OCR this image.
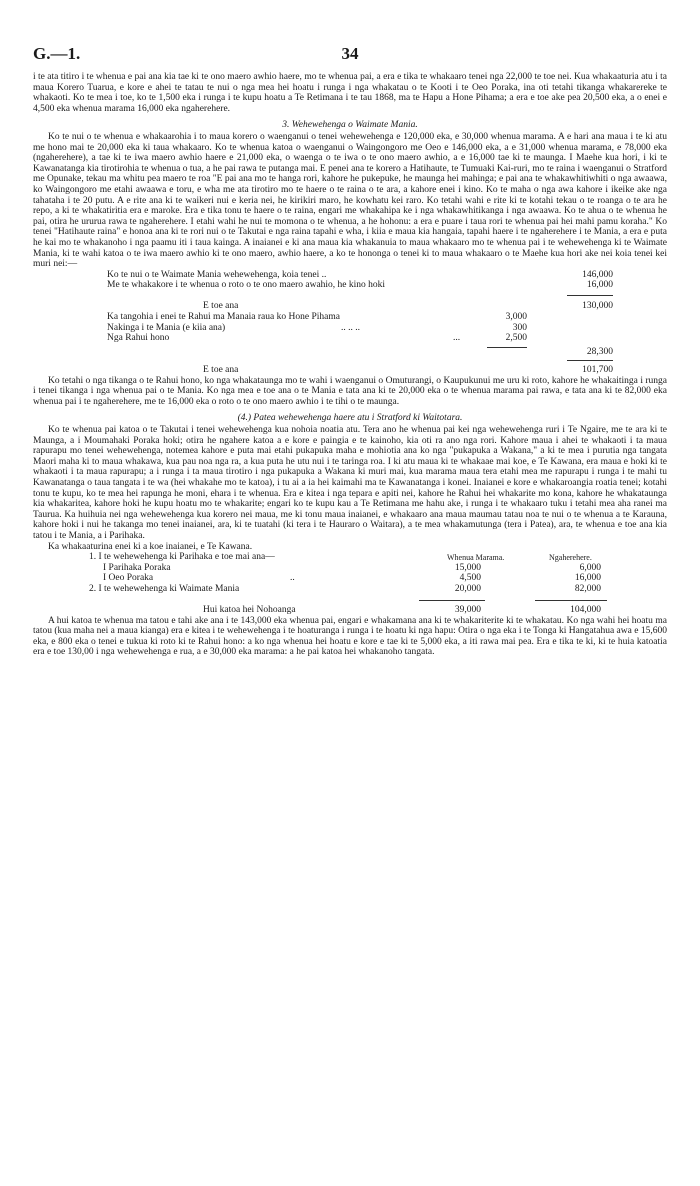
G.—1.	34

i te ata titiro i te whenua e pai ana kia tae ki te ono maero awhio haere, mo te whenua pai, a era e tika te whakaaro tenei nga 22,000 te toe nei. Kua whakaaturia atu i ta maua Korero Tuarua, e kore e ahei te tatau te nui o nga mea hei hoatu i runga i nga whakatau o te Kooti i te Oeo Poraka, ina oti tetahi tikanga whakarereke te whakaoti. Ko te mea i toe, ko te 1,500 eka i runga i te kupu hoatu a Te Retimana i te tau 1868, ma te Hapu a Hone Pihama; a era e toe ake pea 20,500 eka, a o enei e 4,500 eka whenua marama 16,000 eka ngaherehere.

3. Wehewehenga o Waimate Mania.

Ko te nui o te whenua e whakaarohia i to maua korero o waenganui o tenei wehewehenga e 120,000 eka, e 30,000 whenua marama. A e hari ana maua i te ki atu me hono mai te 20,000 eka ki taua whakaaro. Ko te whenua katoa o waenganui o Waingongoro me Oeo e 146,000 eka, a e 31,000 whenua marama, e 78,000 eka (ngaherehere), a tae ki te iwa maero awhio haere e 21,000 eka, o waenga o te iwa o te ono maero awhio, a e 16,000 tae ki te maunga. I Maehe kua hori, i ki te Kawanatanga kia tirotirohia te whenua o tua, a he pai rawa te putanga mai. E penei ana te korero a Hatihaute, te Tumuaki Kai-ruri, mo te raina i waenganui o Stratford me Opunake, tekau ma whitu pea maero te roa "E pai ana mo te hanga rori, kahore he pukepuke, he maunga hei mahinga; e pai ana te whakawhitiwhiti o nga awaawa, ko Waingongoro me etahi awaawa e toru, e wha me ata tirotiro mo te haere o te raina o te ara, a kahore enei i kino. Ko te maha o nga awa kahore i ikeike ake nga tahataha i te 20 putu. A e rite ana ki te waikeri nui e keria nei, he kirikiri maro, he kowhatu kei raro. Ko tetahi wahi e rite ki te kotahi tekau o te roanga o te ara he repo, a ki te whakatiritia era e maroke. Era e tika tonu te haere o te raina, engari me whakahipa ke i nga whakawhitikanga i nga awaawa. Ko te ahua o te whenua he pai, otira he ururua rawa te ngaherehere. I etahi wahi he nui te momona o te whenua, a he hohonu: a era e puare i taua rori te whenua pai hei mahi pamu koraha." Ko tenei "Hatihaute raina" e honoa ana ki te rori nui o te Takutai e nga raina tapahi e wha, i kiia e maua kia hangaia, tapahi haere i te ngaherehere i te Mania, a era e puta he kai mo te whakanoho i nga paamu iti i taua kainga. A inaianei e ki ana maua kia whakanuia to maua whakaaro mo te whenua pai i te wehewehenga ki te Waimate Mania, ki te wahi katoa o te iwa maero awhio ki te ono maero, awhio haere, a ko te hononga o tenei ki to maua whakaaro o te Maehe kua hori ake nei koia tenei kei muri nei:—

Ko te nui o te Waimate Mania wehewehenga, koia tenei ..	146,000
Me te whakakore i te whenua o roto o te ono maero awahio, he kino hoki	16,000
E toe ana	130,000
Ka tangohia i enei te Rahui ma Manaia raua ko Hone Pihama	3,000
Nakinga i te Mania (e kiia ana)	.. .. ..	300
Nga Rahui hono	...	2,500
28,300
E toe ana	101,700

Ko tetahi o nga tikanga o te Rahui hono, ko nga whakataunga mo te wahi i waenganui o Omuturangi, o Kaupukunui me uru ki roto, kahore he whakaitinga i runga i tenei tikanga i nga whenua pai o te Mania. Ko nga mea e toe ana o te Mania e tata ana ki te 20,000 eka o te whenua marama pai rawa, e tata ana ki te 82,000 eka whenua pai i te ngaherehere, me te 16,000 eka o roto o te ono maero awhio i te tihi o te maunga.

(4.) Patea wehewehenga haere atu i Stratford ki Waitotara.

Ko te whenua pai katoa o te Takutai i tenei wehewehenga kua nohoia noatia atu. Tera ano he whenua pai kei nga wehewehenga ruri i Te Ngaire, me te ara ki te Maunga, a i Moumahaki Poraka hoki; otira he ngahere katoa a e kore e paingia e te kainoho, kia oti ra ano nga rori. Kahore maua i ahei te whakaoti i ta maua rapurapu mo tenei wehewehenga, notemea kahore e puta mai etahi pukapuka maha e mohiotia ana ko nga "pukapuka a Wakana," a ki te mea i purutia nga tangata Maori maha ki to maua whakawa, kua pau noa nga ra, a kua puta he utu nui i te taringa roa. I ki atu maua ki te whakaae mai koe, e Te Kawana, era maua e hoki ki te whakaoti i ta maua rapurapu; a i runga i ta maua tirotiro i nga pukapuka a Wakana ki muri mai, kua marama maua tera etahi mea me rapurapu i runga i te mahi tu Kawanatanga o taua tangata i te wa (hei whakahe mo te katoa), i tu ai a ia hei kaimahi ma te Kawanatanga i konei. Inaianei e kore e whakaroangia roatia tenei; kotahi tonu te kupu, ko te mea hei rapunga he moni, ehara i te whenua. Era e kitea i nga tepara e apiti nei, kahore he Rahui hei whakarite mo kona, kahore he whakataunga kia whakaritea, kahore hoki he kupu hoatu mo te whakarite; engari ko te kupu kau a Te Retimana me hahu ake, i runga i te whakaaro tuku i tetahi mea aha ranei ma Taurua. Ka huihuia nei nga wehewehenga kua korero nei maua, me ki tonu maua inaianei, e whakaaro ana maua maumau tatau noa te nui o te whenua a te Karauna, kahore hoki i nui he takanga mo tenei inaianei, ara, ki te tuatahi (ki tera i te Hauraro o Waitara), a te mea whakamutunga (tera i Patea), ara, te whenua e toe ana kia tatou i te Mania, a i Parihaka.

Ka whakaaturina enei ki a koe inaianei, e Te Kawana.

1. I te wehewehenga ki Parihaka e toe mai ana—	Whenua Marama.	Ngaherehere.
I Parihaka Poraka	15,000	6,000
I Oeo Poraka	..	4,500	16,000
2. I te wehewehenga ki Waimate Mania	20,000	82,000
Hui katoa hei Nohoanga	39,000	104,000

A hui katoa te whenua ma tatou e tahi ake ana i te 143,000 eka whenua pai, engari e whakamana ana ki te whakariterite ki te whakatau. Ko nga wahi hei hoatu ma tatou (kua maha nei a maua kianga) era e kitea i te wehewehenga i te hoaturanga i runga i te hoatu ki nga hapu: Otira o nga eka i te Tonga ki Hangatahua awa e 15,600 eka, e 800 eka o tenei e tukua ki roto ki te Rahui hono: a ko nga whenua hei hoatu e kore e tae ki te 5,000 eka, a iti rawa mai pea. Era e tika te ki, ki te huia katoatia era e toe 130,00 i nga wehewehenga e rua, a e 30,000 eka marama: a he pai katoa hei whakanoho tangata.
